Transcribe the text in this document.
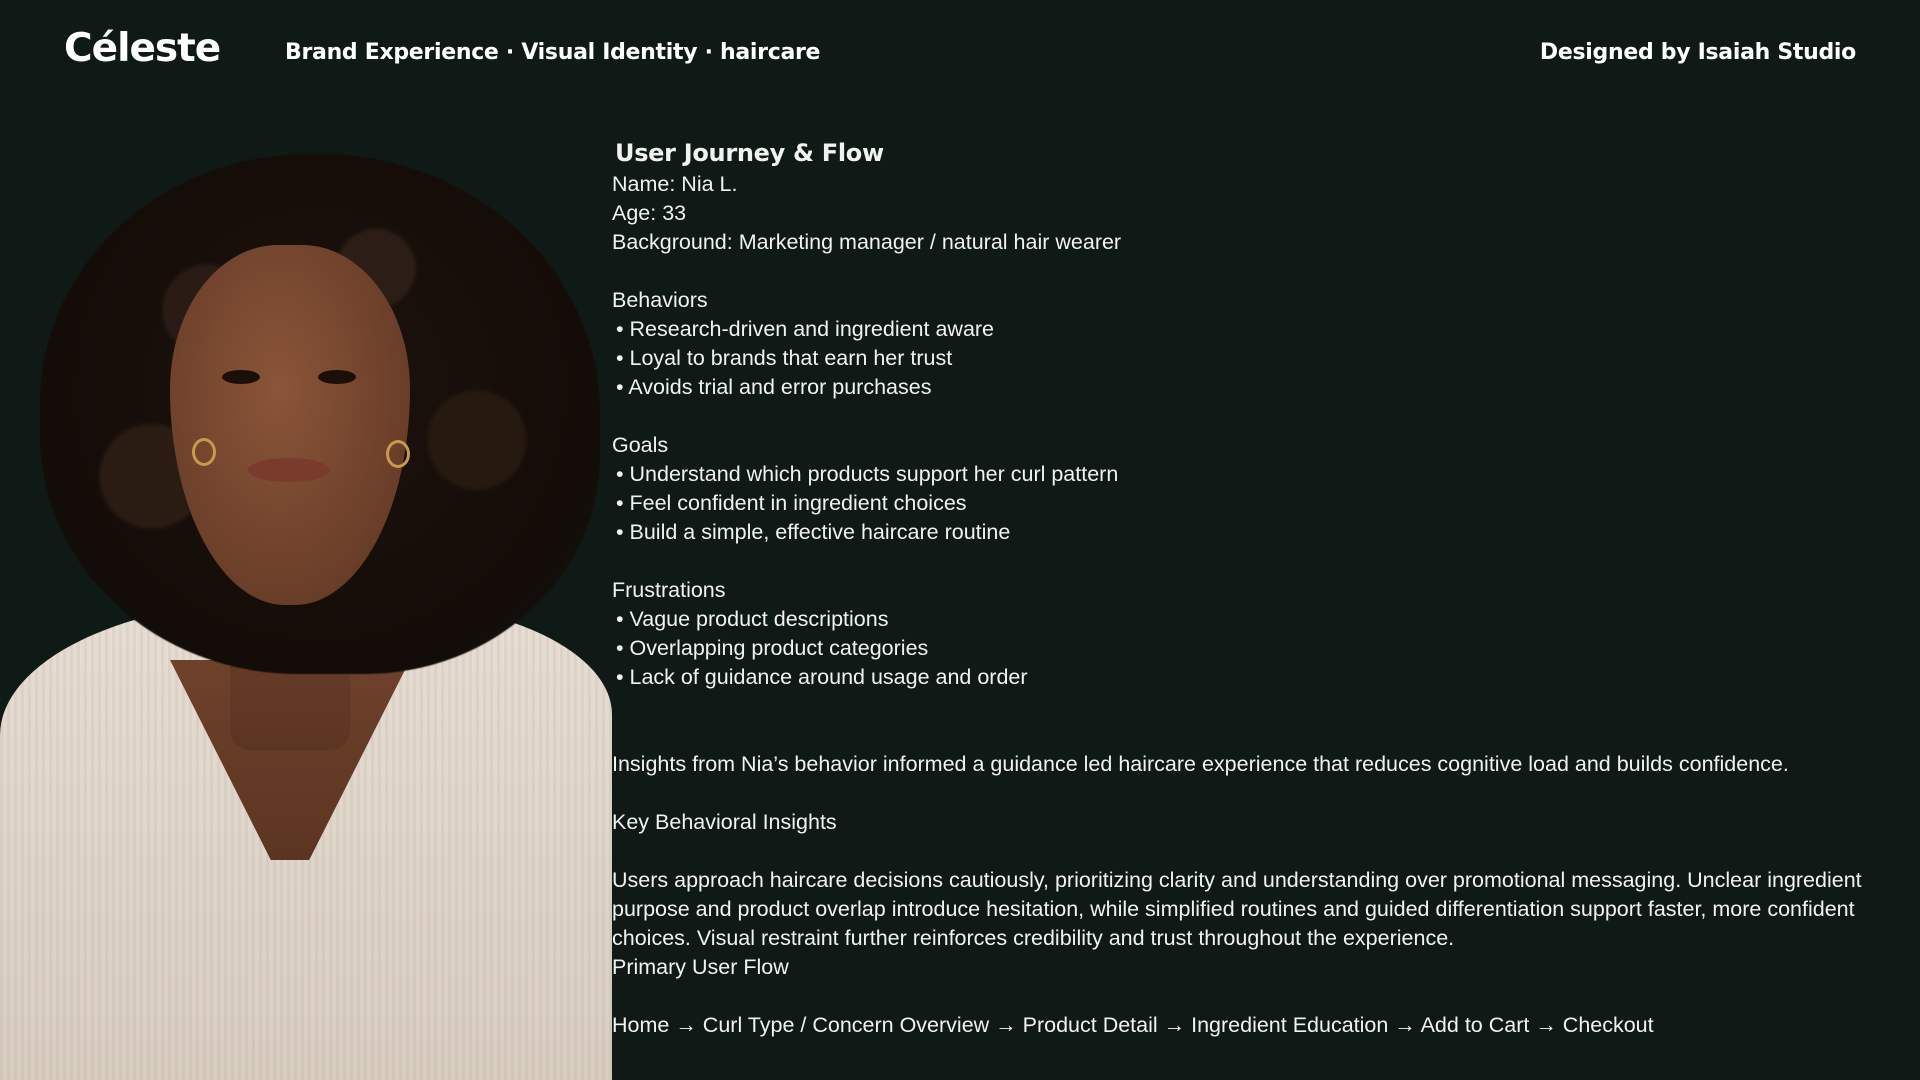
Céleste	Brand Experience · Visual Identity · haircare	Designed by Isaiah Studio
User Journey & Flow
Name: Nia L.
Age: 33
Background: Marketing manager / natural hair wearer
Behaviors
• Research-driven and ingredient aware
• Loyal to brands that earn her trust
• Avoids trial and error purchases
Goals
• Understand which products support her curl pattern
• Feel confident in ingredient choices
• Build a simple, effective haircare routine
Frustrations
• Vague product descriptions
• Overlapping product categories
• Lack of guidance around usage and order
Insights from Nia’s behavior informed a guidance led haircare experience that reduces cognitive load and builds confidence.
Key Behavioral Insights
Users approach haircare decisions cautiously, prioritizing clarity and understanding over promotional messaging. Unclear ingredient purpose and product overlap introduce hesitation, while simplified routines and guided differentiation support faster, more confident choices. Visual restraint further reinforces credibility and trust throughout the experience.
Primary User Flow
Home → Curl Type / Concern Overview → Product Detail → Ingredient Education → Add to Cart → Checkout
